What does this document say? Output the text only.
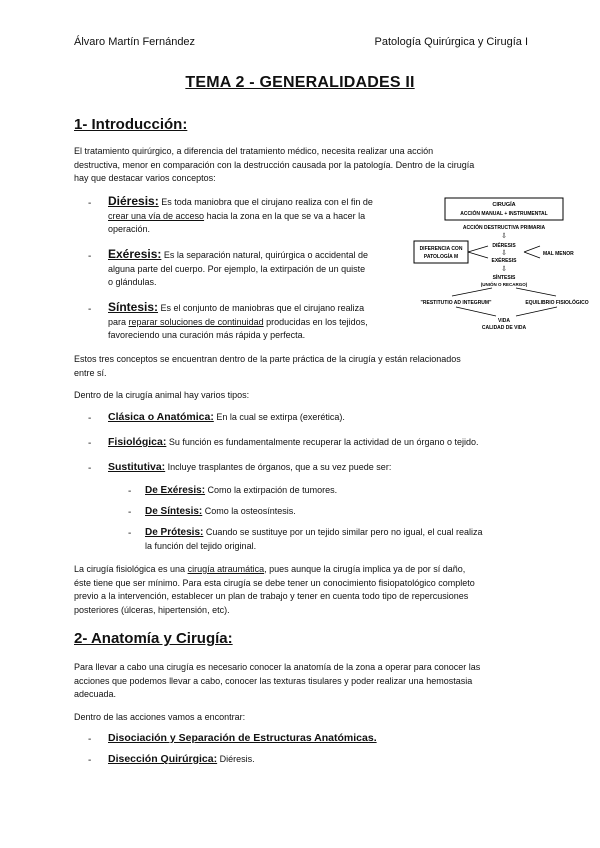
Álvaro Martín Fernández	Patología Quirúrgica y Cirugía I
TEMA 2 - GENERALIDADES II
1- Introducción:
El tratamiento quirúrgico, a diferencia del tratamiento médico, necesita realizar una acción
destructiva, menor en comparación con la destrucción causada por la patología. Dentro de la cirugía
hay que destacar varios conceptos:
- Diéresis: Es toda maniobra que el cirujano realiza con el fin de
crear una vía de acceso hacia la zona en la que se va a hacer la
operación.
- Exéresis: Es la separación natural, quirúrgica o accidental de
alguna parte del cuerpo. Por ejemplo, la extirpación de un quiste
o glándulas.
- Síntesis: Es el conjunto de maniobras que el cirujano realiza
para reparar soluciones de continuidad producidas en los tejidos,
favoreciendo una curación más rápida y perfecta.
CIRUGÍA
ACCIÓN MANUAL + INSTRUMENTAL
ACCIÓN DESTRUCTIVA PRIMARIA
⇩
DIFERENCIA CON
PATOLOGÍA M
DIÉRESIS
⇩
EXÉRESIS
MAL MENOR
⇩
SÍNTESIS
(UNIÓN O RECARGO)
"RESTITUTIO AD INTEGRUM"	EQUILIBRIO FISIOLÓGICO
VIDA
CALIDAD DE VIDA
Estos tres conceptos se encuentran dentro de la parte práctica de la cirugía y están relacionados
entre sí.
Dentro de la cirugía animal hay varios tipos:
- Clásica o Anatómica: En la cual se extirpa (exerética).
- Fisiológica: Su función es fundamentalmente recuperar la actividad de un órgano o tejido.
- Sustitutiva: Incluye trasplantes de órganos, que a su vez puede ser:
- De Exéresis: Como la extirpación de tumores.
- De Síntesis: Como la osteosíntesis.
- De Prótesis: Cuando se sustituye por un tejido similar pero no igual, el cual realiza
la función del tejido original.
La cirugía fisiológica es una cirugía atraumática, pues aunque la cirugía implica ya de por sí daño,
éste tiene que ser mínimo. Para esta cirugía se debe tener un conocimiento fisiopatológico completo
previo a la intervención, establecer un plan de trabajo y tener en cuenta todo tipo de repercusiones
posteriores (úlceras, hipertensión, etc).
2- Anatomía y Cirugía:
Para llevar a cabo una cirugía es necesario conocer la anatomía de la zona a operar para conocer las
acciones que podemos llevar a cabo, conocer las texturas tisulares y poder realizar una hemostasia
adecuada.
Dentro de las acciones vamos a encontrar:
- Disociación y Separación de Estructuras Anatómicas.
- Disección Quirúrgica: Diéresis.
